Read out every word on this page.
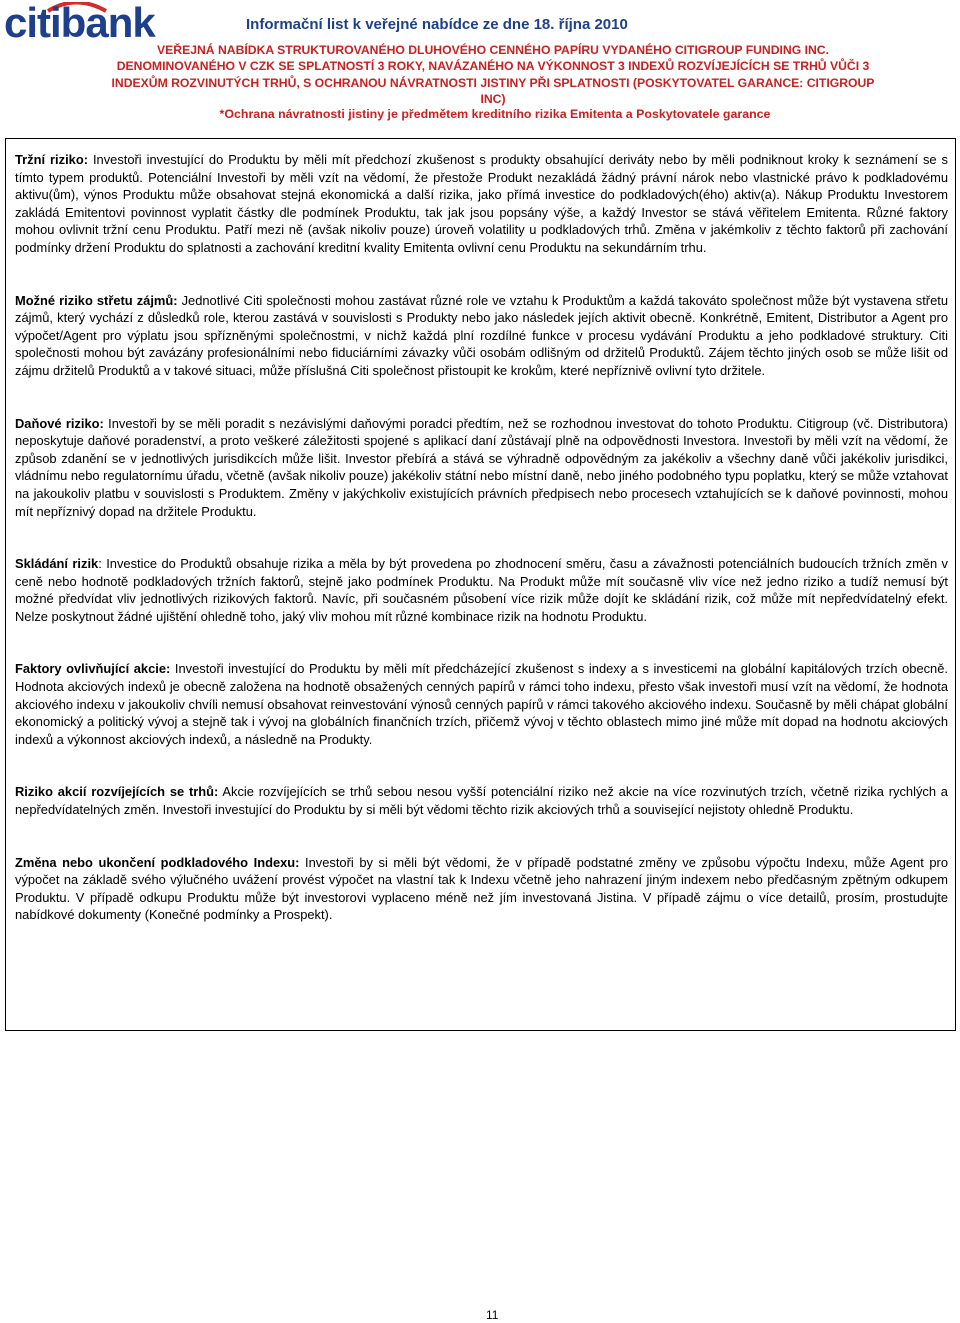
citibank	Informační list k veřejné nabídce ze dne 18. října 2010
VEŘEJNÁ NABÍDKA STRUKTUROVANÉHO DLUHOVÉHO CENNÉHO PAPÍRU VYDANÉHO CITIGROUP FUNDING INC.
DENOMINOVANÉHO V CZK SE SPLATNOSTÍ 3 ROKY, NAVÁZANÉHO NA VÝKONNOST 3 INDEXŮ ROZVÍJEJÍCÍCH SE TRHŮ VŮČI 3
INDEXŮM ROZVINUTÝCH TRHŮ, S OCHRANOU NÁVRATNOSTI JISTINY PŘI SPLATNOSTI (POSKYTOVATEL GARANCE: CITIGROUP
INC)
*Ochrana návratnosti jistiny je předmětem kreditního rizika Emitenta a Poskytovatele garance

Tržní riziko: Investoři investující do Produktu by měli mít předchozí zkušenost s produkty obsahující deriváty nebo by měli podniknout kroky k seznámení se s tímto typem produktů. Potenciální Investoři by měli vzít na vědomí, že přestože Produkt nezakládá žádný právní nárok nebo vlastnické právo k podkladovému aktivu(ům), výnos Produktu může obsahovat stejná ekonomická a další rizika, jako přímá investice do podkladových(ého) aktiv(a). Nákup Produktu Investorem zakládá Emitentovi povinnost vyplatit částky dle podmínek Produktu, tak jak jsou popsány výše, a každý Investor se stává věřitelem Emitenta. Různé faktory mohou ovlivnit tržní cenu Produktu. Patří mezi ně (avšak nikoliv pouze) úroveň volatility u podkladových trhů. Změna v jakémkoliv z těchto faktorů při zachování podmínky držení Produktu do splatnosti a zachování kreditní kvality Emitenta ovlivní cenu Produktu na sekundárním trhu.

Možné riziko střetu zájmů: Jednotlivé Citi společnosti mohou zastávat různé role ve vztahu k Produktům a každá takováto společnost může být vystavena střetu zájmů, který vychází z důsledků role, kterou zastává v souvislosti s Produkty nebo jako následek jejích aktivit obecně. Konkrétně, Emitent, Distributor a Agent pro výpočet/Agent pro výplatu jsou spřízněnými společnostmi, v nichž každá plní rozdílné funkce v procesu vydávání Produktu a jeho podkladové struktury. Citi společnosti mohou být zavázány profesionálními nebo fiduciárními závazky vůči osobám odlišným od držitelů Produktů. Zájem těchto jiných osob se může lišit od zájmu držitelů Produktů a v takové situaci, může příslušná Citi společnost přistoupit ke krokům, které nepříznivě ovlivní tyto držitele.

Daňové riziko: Investoři by se měli poradit s nezávislými daňovými poradci předtím, než se rozhodnou investovat do tohoto Produktu. Citigroup (vč. Distributora) neposkytuje daňové poradenství, a proto veškeré záležitosti spojené s aplikací daní zůstávají plně na odpovědnosti Investora. Investoři by měli vzít na vědomí, že způsob zdanění se v jednotlivých jurisdikcích může lišit. Investor přebírá a stává se výhradně odpovědným za jakékoliv a všechny daně vůči jakékoliv jurisdikci, vládnímu nebo regulatornímu úřadu, včetně (avšak nikoliv pouze) jakékoliv státní nebo místní daně, nebo jiného podobného typu poplatku, který se může vztahovat na jakoukoliv platbu v souvislosti s Produktem. Změny v jakýchkoliv existujících právních předpisech nebo procesech vztahujících se k daňové povinnosti, mohou mít nepříznivý dopad na držitele Produktu.

Skládání rizik: Investice do Produktů obsahuje rizika a měla by být provedena po zhodnocení směru, času a závažnosti potenciálních budoucích tržních změn v ceně nebo hodnotě podkladových tržních faktorů, stejně jako podmínek Produktu. Na Produkt může mít současně vliv více než jedno riziko a tudíž nemusí být možné předvídat vliv jednotlivých rizikových faktorů. Navíc, při současném působení více rizik může dojít ke skládání rizik, což může mít nepředvídatelný efekt. Nelze poskytnout žádné ujištění ohledně toho, jaký vliv mohou mít různé kombinace rizik na hodnotu Produktu.

Faktory ovlivňující akcie: Investoři investující do Produktu by měli mít předcházející zkušenost s indexy a s investicemi na globální kapitálových trzích obecně. Hodnota akciových indexů je obecně založena na hodnotě obsažených cenných papírů v rámci toho indexu, přesto však investoři musí vzít na vědomí, že hodnota akciového indexu v jakoukoliv chvíli nemusí obsahovat reinvestování výnosů cenných papírů v rámci takového akciového indexu. Současně by měli chápat globální ekonomický a politický vývoj a stejně tak i vývoj na globálních finančních trzích, přičemž vývoj v těchto oblastech mimo jiné může mít dopad na hodnotu akciových indexů a výkonnost akciových indexů, a následně na Produkty.

Riziko akcií rozvíjejících se trhů: Akcie rozvíjejících se trhů sebou nesou vyšší potenciální riziko než akcie na více rozvinutých trzích, včetně rizika rychlých a nepředvídatelných změn. Investoři investující do Produktu by si měli být vědomi těchto rizik akciových trhů a související nejistoty ohledně Produktu.

Změna nebo ukončení podkladového Indexu: Investoři by si měli být vědomi, že v případě podstatné změny ve způsobu výpočtu Indexu, může Agent pro výpočet na základě svého výlučného uvážení provést výpočet na vlastní tak k Indexu včetně jeho nahrazení jiným indexem nebo předčasným zpětným odkupem Produktu. V případě odkupu Produktu může být investorovi vyplaceno méně než jím investovaná Jistina. V případě zájmu o více detailů, prosím, prostudujte nabídkové dokumenty (Konečné podmínky a Prospekt).

11
